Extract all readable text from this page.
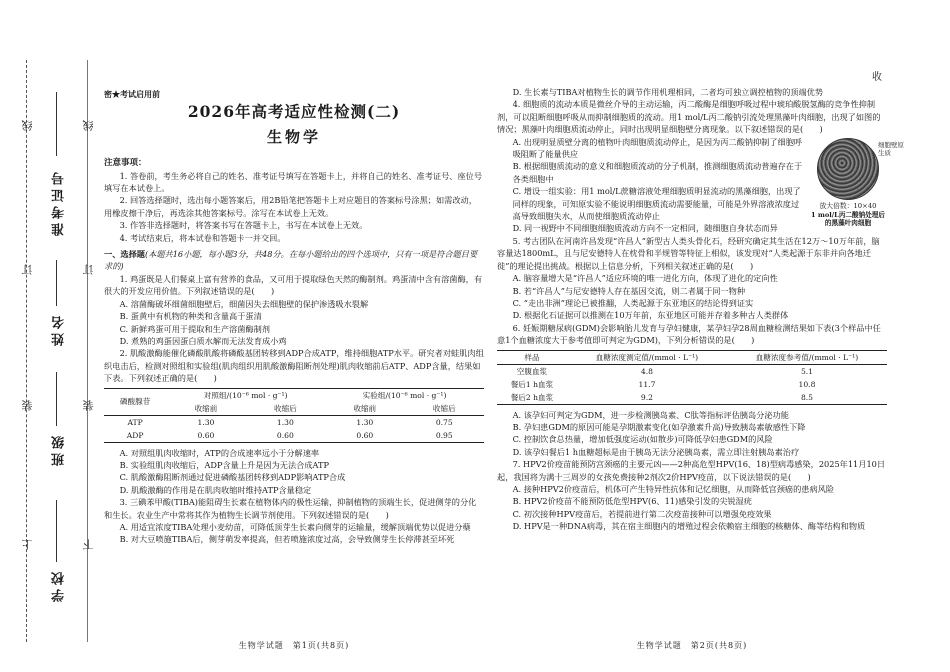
线
订
装
上
线
订
装
下
准考证号
姓名
班级
学校
收
密★考试启用前
2026年高考适应性检测(二)
生物学
注意事项：

1. 答卷前，考生务必将自己的姓名、准考证号填写在答题卡上，并将自己的姓名、准考证号、座位号填写在本试卷上。

2. 回答选择题时，选出每小题答案后，用2B铅笔把答题卡上对应题目的答案标号涂黑；如需改动，用橡皮擦干净后，再选涂其他答案标号。涂写在本试卷上无效。

3. 作答非选择题时，将答案书写在答题卡上，书写在本试卷上无效。

4. 考试结束后，将本试卷和答题卡一并交回。

一、选择题(本题共16小题，每小题3分，共48分。在每小题给出的四个选项中，只有一项是符合题目要求的)

1. 鸡蛋既是人们餐桌上富有营养的食品，又可用于提取绿色天然的酶制剂。鸡蛋清中含有溶菌酶，有很大的开发应用价值。下列叙述错误的是(　　)

A. 溶菌酶破坏细菌细胞壁后，细菌因失去细胞壁的保护渗透吸水裂解
B. 蛋黄中有机物的种类和含量高于蛋清
C. 新鲜鸡蛋可用于提取和生产溶菌酶制剂
D. 煮熟的鸡蛋因蛋白质水解而无法发育成小鸡

2. 肌酸激酶能催化磷酸肌酸将磷酸基团转移到ADP合成ATP，维持细胞ATP水平。研究者对蛙肌肉组织电击后，检测对照组和实验组(肌肉组织用肌酸激酶阻断剂处理)肌肉收缩前后ATP、ADP含量，结果如下表。下列叙述正确的是(　　)

磷酸腺苷	对照组/(10⁻⁶ mol · g⁻¹)		实验组/(10⁻⁶ mol · g⁻¹)	
	收缩前	收缩后	收缩前	收缩后
ATP	1.30	1.30	1.30	0.75
ADP	0.60	0.60	0.60	0.95
A. 对照组肌肉收缩时，ATP的合成速率远小于分解速率
B. 实验组肌肉收缩后，ADP含量上升是因为无法合成ATP
C. 肌酸激酶阻断剂通过促进磷酸基团转移到ADP影响ATP合成
D. 肌酸激酶的作用是在肌肉收缩时维持ATP含量稳定

3. 三碘苯甲酸(TIBA)能阻碍生长素在植物体内的极性运输，抑制植物的顶端生长，促进侧芽的分化和生长。农业生产中常将其作为植物生长调节剂使用。下列叙述错误的是(　　)

A. 用适宜浓度TIBA处理小麦幼苗，可降低顶芽生长素向侧芽的运输量，缓解顶端优势以促进分蘖
B. 对大豆喷施TIBA后，侧芽萌发率提高，但若喷施浓度过高，会导致侧芽生长停滞甚至坏死
D. 生长素与TIBA对植物生长的调节作用机理相同，二者均可独立调控植物的顶端优势

4. 细胞质的流动本质是微丝介导的主动运输，丙二酸酶是细胞呼吸过程中琥珀酸脱氢酶的竞争性抑制剂，可以阻断细胞呼吸从而抑制细胞质的流动。用1 mol/L丙二酸钠引流处理黑藻叶肉细胞，出现了如图的情况；黑藻叶肉细胞质流动停止，同时出现明显细胞壁分离现象。以下叙述错误的是(　　)

细胞壁原生质
放大倍数：10×40
1 mol/L丙二酸钠处理后的黑藻叶肉细胞
A. 出现明显质壁分离的植物叶肉细胞质流动停止，是因为丙二酸钠抑制了细胞呼吸阻断了能量供应
B. 根据细胞质流动的意义和细胞质流动的分子机制，推测细胞质流动普遍存在于各类细胞中
C. 增设一组实验：用1 mol/L蔗糖溶液处理细胞质明显流动的黑藻细胞，出现了同样的现象，可知原实验不能说明细胞质流动需要能量，可能是外界溶液浓度过高导致细胞失水，从而使细胞质流动停止
D. 同一视野中不同细胞细胞质流动方向不一定相同，随细胞自身状态而异

5. 考古团队在河南许昌发现“许昌人”新型古人类头骨化石，经研究确定其生活在12万～10万年前，脑容量达1800mL，且与尼安德特人在枕骨和半规管等特征上相似，该发现对“人类起源于东非并向各地迁徙”的理论提出挑战。根据以上信息分析，下列相关叙述正确的是(　　)

A. 脑容量增大是“许昌人”适应环境的唯一进化方向，体现了进化的定向性
B. 若“许昌人”与尼安德特人存在基因交流，则二者属于同一物种
C. “走出非洲”理论已被推翻，人类起源于东亚地区的结论得到证实
D. 根据化石证据可以推测在10万年前，东亚地区可能并存着多种古人类群体

6. 妊娠期糖尿病(GDM)会影响胎儿发育与孕妇健康，某孕妇孕28周血糖检测结果如下表(3个样品中任意1个血糖浓度大于参考值即可判定为GDM)，下列分析错误的是(　　)

样品	血糖浓度测定值/(mmol · L⁻¹)	血糖浓度参考值/(mmol · L⁻¹)
空腹血浆	4.8	5.1
餐后1 h血浆	11.7	10.8
餐后2 h血浆	9.2	8.5
A. 该孕妇可判定为GDM，进一步检测胰岛素、C肽等指标评估胰岛分泌功能
B. 孕妇患GDM的原因可能是孕期激素变化(如孕激素升高)导致胰岛素敏感性下降
C. 控制饮食总热量，增加低强度运动(如散步)可降低孕妇患GDM的风险
D. 该孕妇餐后1 h血糖超标是由于胰岛无法分泌胰岛素，需立即注射胰岛素治疗

7. HPV2价疫苗能预防宫颈癌的主要元凶——2种高危型HPV(16、18)型病毒感染，2025年11月10日起，我国将为满十三周岁的女孩免费接种2剂次2价HPV疫苗，以下说法错误的是(　　)

A. 接种HPV2价疫苗后，机体可产生特异性抗体和记忆细胞，从而降低宫颈癌的患病风险
B. HPV2价疫苗不能预防低危型HPV(6、11)感染引发的尖锐湿疣
C. 初次接种HPV疫苗后，若提前进行第二次疫苗接种可以增强免疫效果
D. HPV是一种DNA病毒，其在宿主细胞内的增殖过程会依赖宿主细胞的核糖体、酶等结构和物质
生物学试题　第1页(共8页)	生物学试题　第2页(共8页)
